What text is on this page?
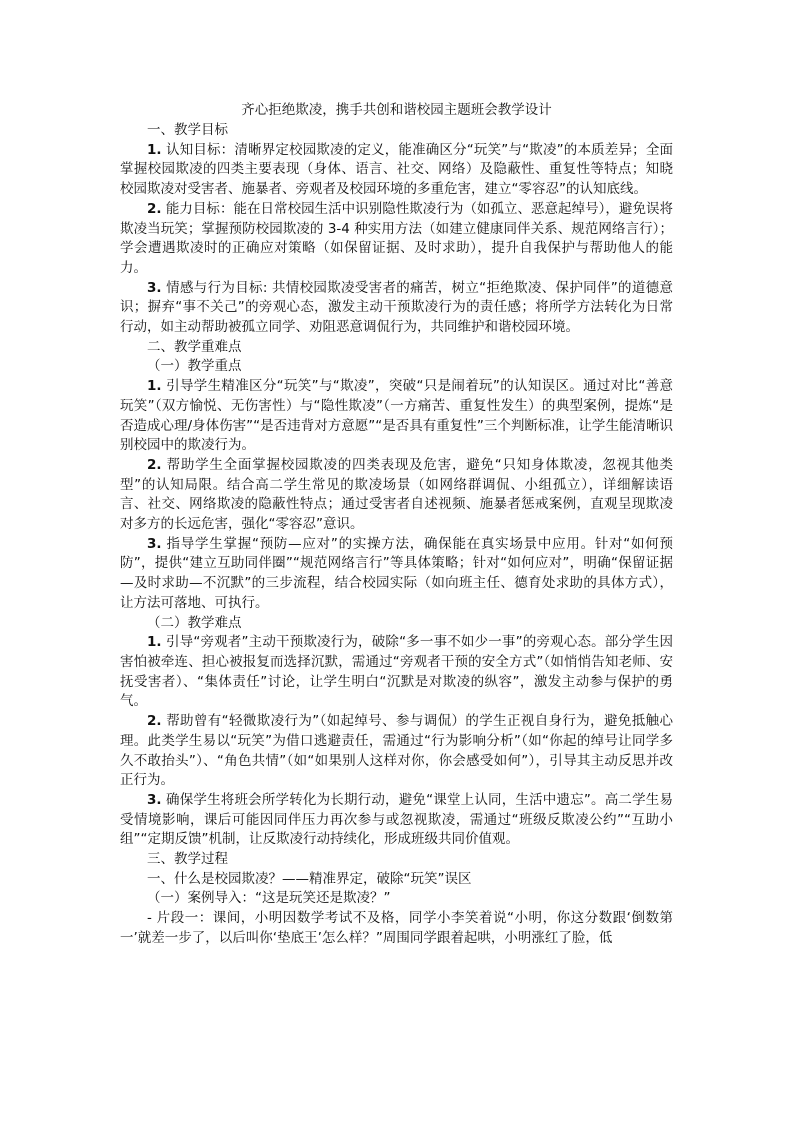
齐心拒绝欺凌，携手共创和谐校园主题班会教学设计

一、教学目标

1. 认知目标：清晰界定校园欺凌的定义，能准确区分“玩笑”与“欺凌”的本质差异；全面掌握校园欺凌的四类主要表现（身体、语言、社交、网络）及隐蔽性、重复性等特点；知晓校园欺凌对受害者、施暴者、旁观者及校园环境的多重危害，建立“零容忍”的认知底线。

2. 能力目标：能在日常校园生活中识别隐性欺凌行为（如孤立、恶意起绰号），避免误将欺凌当玩笑；掌握预防校园欺凌的 3-4 种实用方法（如建立健康同伴关系、规范网络言行）；学会遭遇欺凌时的正确应对策略（如保留证据、及时求助），提升自我保护与帮助他人的能力。

3. 情感与行为目标: 共情校园欺凌受害者的痛苦，树立“拒绝欺凌、保护同伴”的道德意识；摒弃“事不关己”的旁观心态，激发主动干预欺凌行为的责任感；将所学方法转化为日常行动，如主动帮助被孤立同学、劝阻恶意调侃行为，共同维护和谐校园环境。

二、教学重难点

（一）教学重点

1. 引导学生精准区分“玩笑”与“欺凌”，突破“只是闹着玩”的认知误区。通过对比“善意玩笑”（双方愉悦、无伤害性）与“隐性欺凌”（一方痛苦、重复性发生）的典型案例，提炼“是否造成心理/身体伤害”“是否违背对方意愿”“是否具有重复性”三个判断标准，让学生能清晰识别校园中的欺凌行为。

2. 帮助学生全面掌握校园欺凌的四类表现及危害，避免“只知身体欺凌，忽视其他类型”的认知局限。结合高二学生常见的欺凌场景（如网络群调侃、小组孤立），详细解读语言、社交、网络欺凌的隐蔽性特点；通过受害者自述视频、施暴者惩戒案例，直观呈现欺凌对多方的长远危害，强化“零容忍”意识。

3. 指导学生掌握“预防—应对”的实操方法，确保能在真实场景中应用。针对“如何预防”，提供“建立互助同伴圈”“规范网络言行”等具体策略；针对“如何应对”，明确“保留证据—及时求助—不沉默”的三步流程，结合校园实际（如向班主任、德育处求助的具体方式），让方法可落地、可执行。

（二）教学难点

1. 引导“旁观者”主动干预欺凌行为，破除“多一事不如少一事”的旁观心态。部分学生因害怕被牵连、担心被报复而选择沉默，需通过“旁观者干预的安全方式”（如悄悄告知老师、安抚受害者）、“集体责任”讨论，让学生明白“沉默是对欺凌的纵容”，激发主动参与保护的勇气。

2. 帮助曾有“轻微欺凌行为”（如起绰号、参与调侃）的学生正视自身行为，避免抵触心理。此类学生易以“玩笑”为借口逃避责任，需通过“行为影响分析”（如“你起的绰号让同学多久不敢抬头”）、“角色共情”（如“如果别人这样对你，你会感受如何”），引导其主动反思并改正行为。

3. 确保学生将班会所学转化为长期行动，避免“课堂上认同，生活中遗忘”。高二学生易受情境影响，课后可能因同伴压力再次参与或忽视欺凌，需通过“班级反欺凌公约”“互助小组”“定期反馈”机制，让反欺凌行动持续化，形成班级共同价值观。

三、教学过程

一、什么是校园欺凌？——精准界定，破除“玩笑”误区

（一）案例导入：“这是玩笑还是欺凌？”

- 片段一：课间，小明因数学考试不及格，同学小李笑着说“小明，你这分数跟‘倒数第一’就差一步了，以后叫你‘垫底王’怎么样？”周围同学跟着起哄，小明涨红了脸，低
